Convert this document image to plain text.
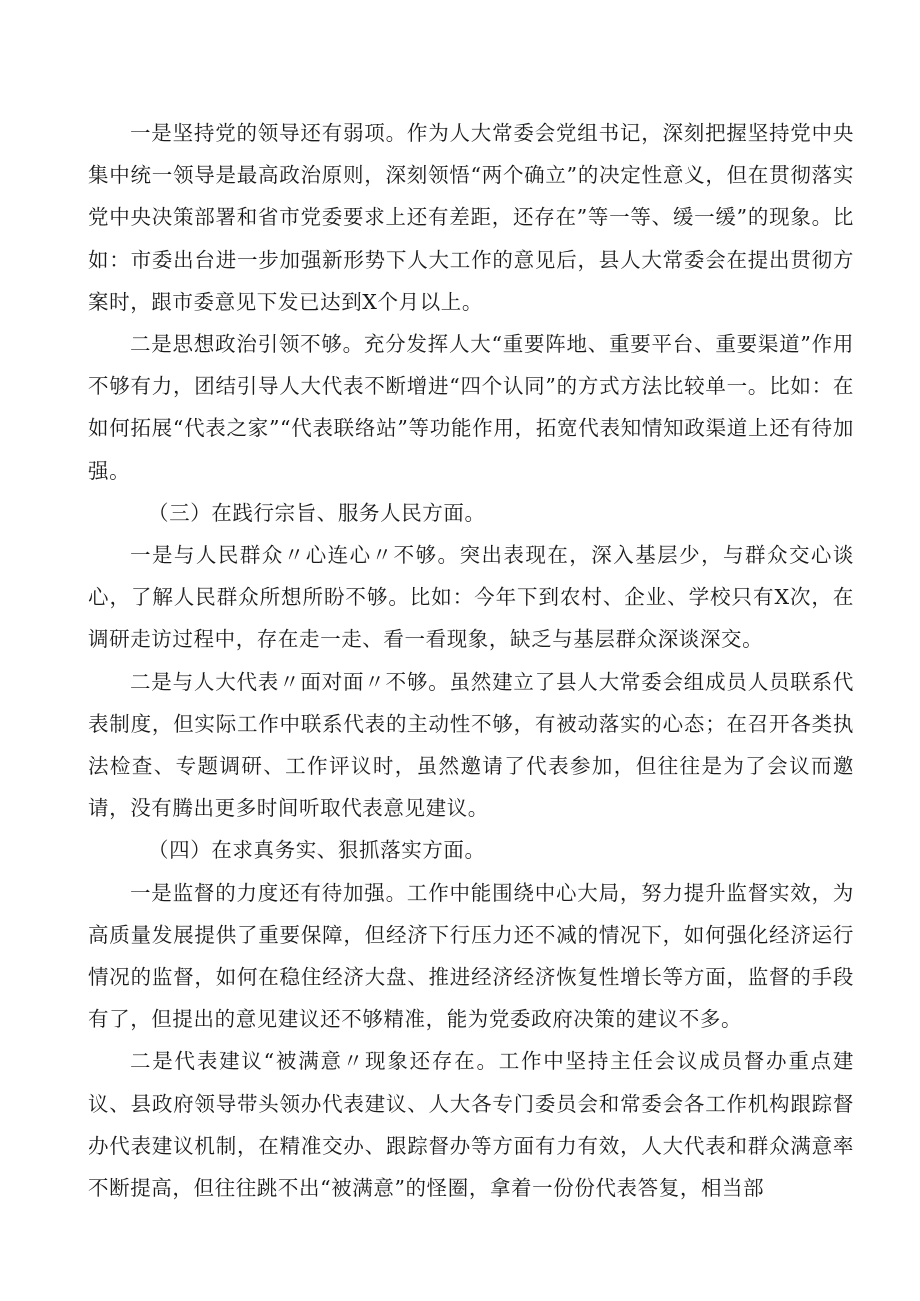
一是坚持党的领导还有弱项。作为人大常委会党组书记，深刻把握坚持党中央集中统一领导是最高政治原则，深刻领悟“两个确立”的决定性意义，但在贯彻落实党中央决策部署和省市党委要求上还有差距，还存在”等一等、缓一缓”的现象。比如：市委出台进一步加强新形势下人大工作的意见后，县人大常委会在提出贯彻方案时，跟市委意见下发已达到X个月以上。

二是思想政治引领不够。充分发挥人大“重要阵地、重要平台、重要渠道”作用不够有力，团结引导人大代表不断增进“四个认同”的方式方法比较单一。比如：在如何拓展“代表之家”“代表联络站”等功能作用，拓宽代表知情知政渠道上还有待加强。

（三）在践行宗旨、服务人民方面。

一是与人民群众〃心连心〃不够。突出表现在，深入基层少，与群众交心谈心，了解人民群众所想所盼不够。比如：今年下到农村、企业、学校只有X次，在调研走访过程中，存在走一走、看一看现象，缺乏与基层群众深谈深交。

二是与人大代表〃面对面〃不够。虽然建立了县人大常委会组成员人员联系代表制度，但实际工作中联系代表的主动性不够，有被动落实的心态；在召开各类执法检查、专题调研、工作评议时，虽然邀请了代表参加，但往往是为了会议而邀请，没有腾出更多时间听取代表意见建议。

（四）在求真务实、狠抓落实方面。

一是监督的力度还有待加强。工作中能围绕中心大局，努力提升监督实效，为高质量发展提供了重要保障，但经济下行压力还不减的情况下，如何强化经济运行情况的监督，如何在稳住经济大盘、推进经济经济恢复性增长等方面，监督的手段有了，但提出的意见建议还不够精准，能为党委政府决策的建议不多。

二是代表建议“被满意〃现象还存在。工作中坚持主任会议成员督办重点建议、县政府领导带头领办代表建议、人大各专门委员会和常委会各工作机构跟踪督办代表建议机制，在精准交办、跟踪督办等方面有力有效，人大代表和群众满意率不断提高，但往往跳不出“被满意”的怪圈，拿着一份份代表答复，相当部
